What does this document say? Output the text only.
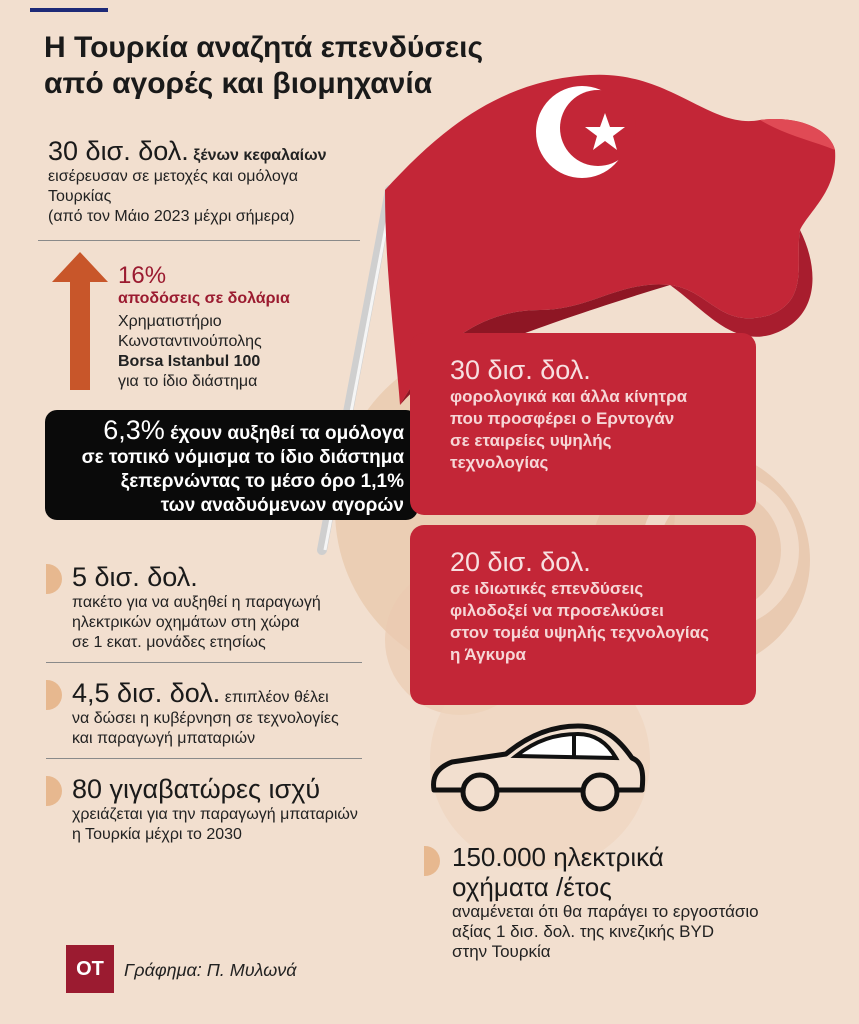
Η Τουρκία αναζητά επενδύσεις
από αγορές και βιομηχανία
30 δισ. δολ. ξένων κεφαλαίων
εισέρευσαν σε μετοχές και ομόλογα
Τουρκίας
(από τον Μάιο 2023 μέχρι σήμερα)
16%
αποδόσεις σε δολάρια
Χρηματιστήριο
Κωνσταντινούπολης
Borsa Istanbul 100
για το ίδιο διάστημα
6,3% έχουν αυξηθεί τα ομόλογα
σε τοπικό νόμισμα το ίδιο διάστημα
ξεπερνώντας το μέσο όρο 1,1%
των αναδυόμενων αγορών
30 δισ. δολ.
φορολογικά και άλλα κίνητρα
που προσφέρει ο Ερντογάν
σε εταιρείες υψηλής
τεχνολογίας
20 δισ. δολ.
σε ιδιωτικές επενδύσεις
φιλοδοξεί να προσελκύσει
στον τομέα υψηλής τεχνολογίας
η Άγκυρα
5 δισ. δολ.
πακέτο για να αυξηθεί η παραγωγή
ηλεκτρικών οχημάτων στη χώρα
σε 1 εκατ. μονάδες ετησίως
4,5 δισ. δολ. επιπλέον θέλει
να δώσει η κυβέρνηση σε τεχνολογίες
και παραγωγή μπαταριών
80 γιγαβατώρες ισχύ
χρειάζεται για την παραγωγή μπαταριών
η Τουρκία μέχρι το 2030
150.000 ηλεκτρικά
οχήματα /έτος
αναμένεται ότι θα παράγει το εργοστάσιο
αξίας 1 δισ. δολ. της κινεζικής BYD
στην Τουρκία
ΟΤ	Γράφημα: Π. Μυλωνά
